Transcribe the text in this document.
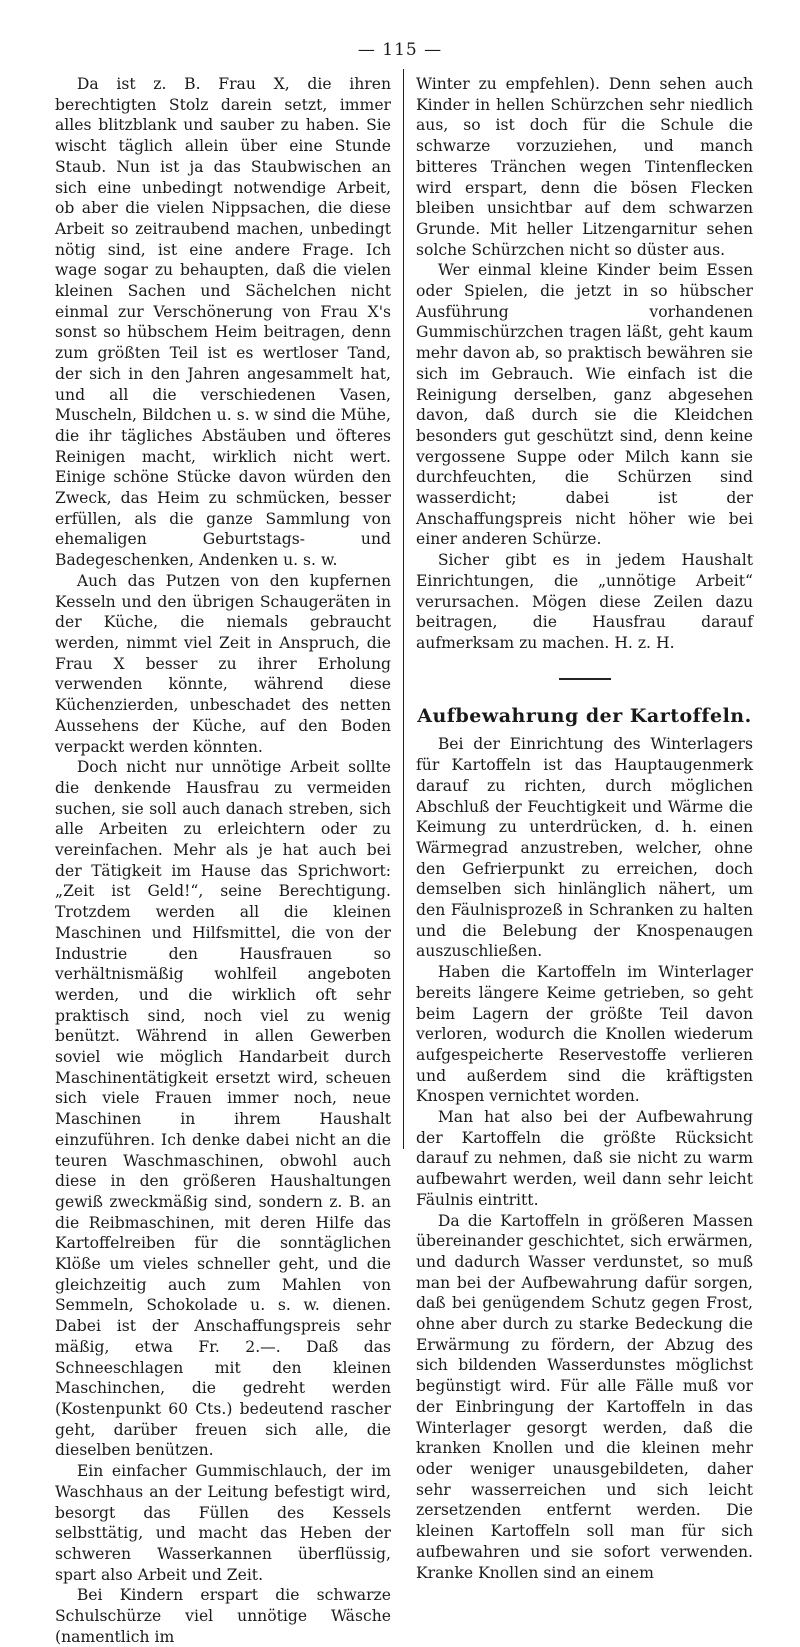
— 115 —

Da ist z. B. Frau X, die ihren berechtigten Stolz darein setzt, immer alles blitzblank und sauber zu haben. Sie wischt täglich allein über eine Stunde Staub. Nun ist ja das Staubwischen an sich eine unbedingt notwendige Arbeit, ob aber die vielen Nippsachen, die diese Arbeit so zeitraubend machen, unbedingt nötig sind, ist eine andere Frage. Ich wage sogar zu behaupten, daß die vielen kleinen Sachen und Sächelchen nicht einmal zur Verschönerung von Frau X's sonst so hübschem Heim beitragen, denn zum größten Teil ist es wertloser Tand, der sich in den Jahren angesammelt hat, und all die verschiedenen Vasen, Muscheln, Bildchen u. s. w sind die Mühe, die ihr tägliches Abstäuben und öfteres Reinigen macht, wirklich nicht wert. Einige schöne Stücke davon würden den Zweck, das Heim zu schmücken, besser erfüllen, als die ganze Sammlung von ehemaligen Geburtstags- und Badegeschenken, Andenken u. s. w.

Auch das Putzen von den kupfernen Kesseln und den übrigen Schaugeräten in der Küche, die niemals gebraucht werden, nimmt viel Zeit in Anspruch, die Frau X besser zu ihrer Erholung verwenden könnte, während diese Küchenzierden, unbeschadet des netten Aussehens der Küche, auf den Boden verpackt werden könnten.

Doch nicht nur unnötige Arbeit sollte die denkende Hausfrau zu vermeiden suchen, sie soll auch danach streben, sich alle Arbeiten zu erleichtern oder zu vereinfachen. Mehr als je hat auch bei der Tätigkeit im Hause das Sprichwort: „Zeit ist Geld!“, seine Berechtigung. Trotzdem werden all die kleinen Maschinen und Hilfsmittel, die von der Industrie den Hausfrauen so verhältnismäßig wohlfeil angeboten werden, und die wirklich oft sehr praktisch sind, noch viel zu wenig benützt. Während in allen Gewerben soviel wie möglich Handarbeit durch Maschinentätigkeit ersetzt wird, scheuen sich viele Frauen immer noch, neue Maschinen in ihrem Haushalt einzuführen. Ich denke dabei nicht an die teuren Waschmaschinen, obwohl auch diese in den größeren Haushaltungen gewiß zweckmäßig sind, sondern z. B. an die Reibmaschinen, mit deren Hilfe das Kartoffelreiben für die sonntäglichen Klöße um vieles schneller geht, und die gleichzeitig auch zum Mahlen von Semmeln, Schokolade u. s. w. dienen. Dabei ist der Anschaffungspreis sehr mäßig, etwa Fr. 2.—. Daß das Schneeschlagen mit den kleinen Maschinchen, die gedreht werden (Kostenpunkt 60 Cts.) bedeutend rascher geht, darüber freuen sich alle, die dieselben benützen.

Ein einfacher Gummischlauch, der im Waschhaus an der Leitung befestigt wird, besorgt das Füllen des Kessels selbsttätig, und macht das Heben der schweren Wasserkannen überflüssig, spart also Arbeit und Zeit.

Bei Kindern erspart die schwarze Schulschürze viel unnötige Wäsche (namentlich im

Winter zu empfehlen). Denn sehen auch Kinder in hellen Schürzchen sehr niedlich aus, so ist doch für die Schule die schwarze vorzuziehen, und manch bitteres Tränchen wegen Tintenflecken wird erspart, denn die bösen Flecken bleiben unsichtbar auf dem schwarzen Grunde. Mit heller Litzengarnitur sehen solche Schürzchen nicht so düster aus.

Wer einmal kleine Kinder beim Essen oder Spielen, die jetzt in so hübscher Ausführung vorhandenen Gummischürzchen tragen läßt, geht kaum mehr davon ab, so praktisch bewähren sie sich im Gebrauch. Wie einfach ist die Reinigung derselben, ganz abgesehen davon, daß durch sie die Kleidchen besonders gut geschützt sind, denn keine vergossene Suppe oder Milch kann sie durchfeuchten, die Schürzen sind wasserdicht; dabei ist der Anschaffungspreis nicht höher wie bei einer anderen Schürze.

Sicher gibt es in jedem Haushalt Einrichtungen, die „unnötige Arbeit“ verursachen. Mögen diese Zeilen dazu beitragen, die Hausfrau darauf aufmerksam zu machen. H. z. H.

Aufbewahrung der Kartoffeln.

Bei der Einrichtung des Winterlagers für Kartoffeln ist das Hauptaugenmerk darauf zu richten, durch möglichen Abschluß der Feuchtigkeit und Wärme die Keimung zu unterdrücken, d. h. einen Wärmegrad anzustreben, welcher, ohne den Gefrierpunkt zu erreichen, doch demselben sich hinlänglich nähert, um den Fäulnisprozeß in Schranken zu halten und die Belebung der Knospenaugen auszuschließen.

Haben die Kartoffeln im Winterlager bereits längere Keime getrieben, so geht beim Lagern der größte Teil davon verloren, wodurch die Knollen wiederum aufgespeicherte Reservestoffe verlieren und außerdem sind die kräftigsten Knospen vernichtet worden.

Man hat also bei der Aufbewahrung der Kartoffeln die größte Rücksicht darauf zu nehmen, daß sie nicht zu warm aufbewahrt werden, weil dann sehr leicht Fäulnis eintritt.

Da die Kartoffeln in größeren Massen übereinander geschichtet, sich erwärmen, und dadurch Wasser verdunstet, so muß man bei der Aufbewahrung dafür sorgen, daß bei genügendem Schutz gegen Frost, ohne aber durch zu starke Bedeckung die Erwärmung zu fördern, der Abzug des sich bildenden Wasserdunstes möglichst begünstigt wird. Für alle Fälle muß vor der Einbringung der Kartoffeln in das Winterlager gesorgt werden, daß die kranken Knollen und die kleinen mehr oder weniger unausgebildeten, daher sehr wasserreichen und sich leicht zersetzenden entfernt werden. Die kleinen Kartoffeln soll man für sich aufbewahren und sie sofort verwenden. Kranke Knollen sind an einem
